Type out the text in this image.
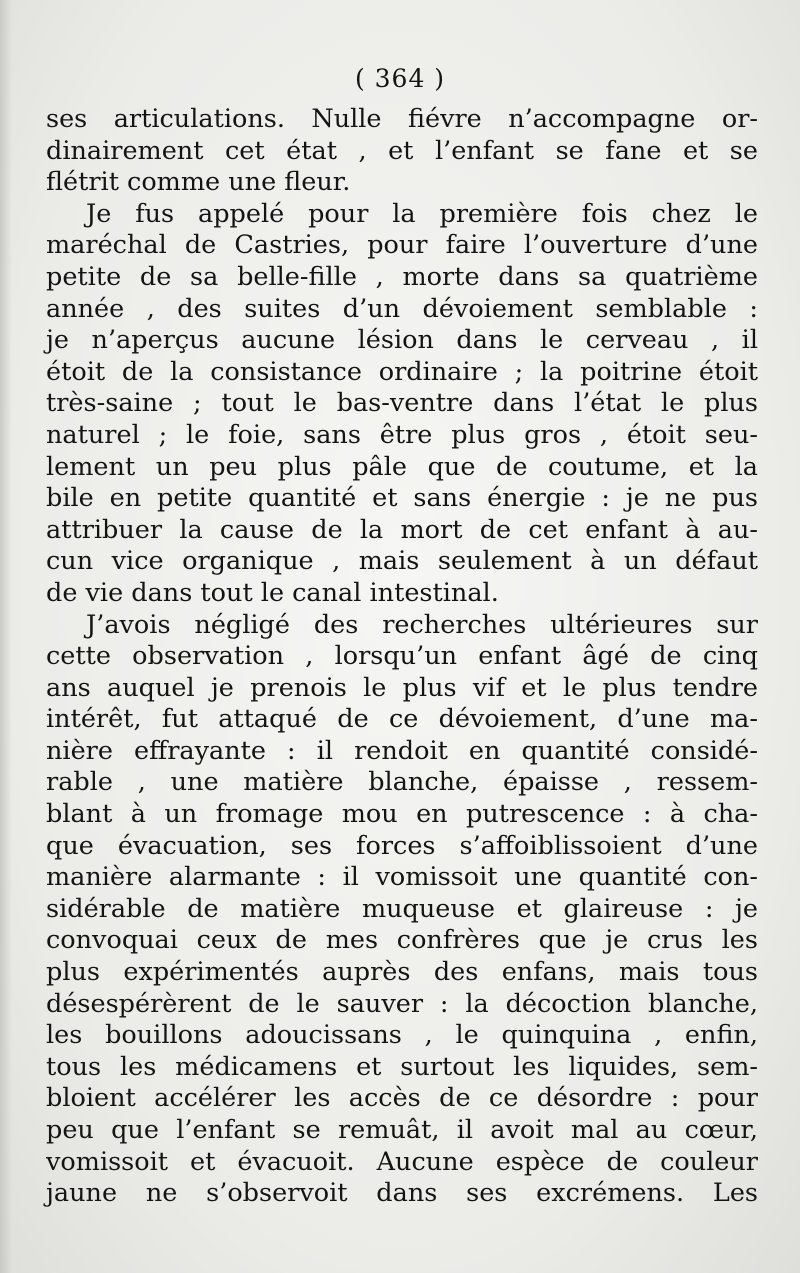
( 364 )
ses articulations. Nulle fiévre n’accompagne or-
dinairement cet état , et l’enfant se fane et se
flétrit comme une fleur.
Je fus appelé pour la première fois chez le
maréchal de Castries, pour faire l’ouverture d’une
petite de sa belle-fille , morte dans sa quatrième
année , des suites d’un dévoiement semblable :
je n’aperçus aucune lésion dans le cerveau , il
étoit de la consistance ordinaire ; la poitrine étoit
très-saine ; tout le bas-ventre dans l’état le plus
naturel ; le foie, sans être plus gros , étoit seu-
lement un peu plus pâle que de coutume, et la
bile en petite quantité et sans énergie : je ne pus
attribuer la cause de la mort de cet enfant à au-
cun vice organique , mais seulement à un défaut
de vie dans tout le canal intestinal.
J’avois négligé des recherches ultérieures sur
cette observation , lorsqu’un enfant âgé de cinq
ans auquel je prenois le plus vif et le plus tendre
intérêt, fut attaqué de ce dévoiement, d’une ma-
nière effrayante : il rendoit en quantité considé-
rable , une matière blanche, épaisse , ressem-
blant à un fromage mou en putrescence : à cha-
que évacuation, ses forces s’affoiblissoient d’une
manière alarmante : il vomissoit une quantité con-
sidérable de matière muqueuse et glaireuse : je
convoquai ceux de mes confrères que je crus les
plus expérimentés auprès des enfans, mais tous
désespérèrent de le sauver : la décoction blanche,
les bouillons adoucissans , le quinquina , enfin,
tous les médicamens et surtout les liquides, sem-
bloient accélérer les accès de ce désordre : pour
peu que l’enfant se remuât, il avoit mal au cœur,
vomissoit et évacuoit. Aucune espèce de couleur
jaune ne s’observoit dans ses excrémens. Les
